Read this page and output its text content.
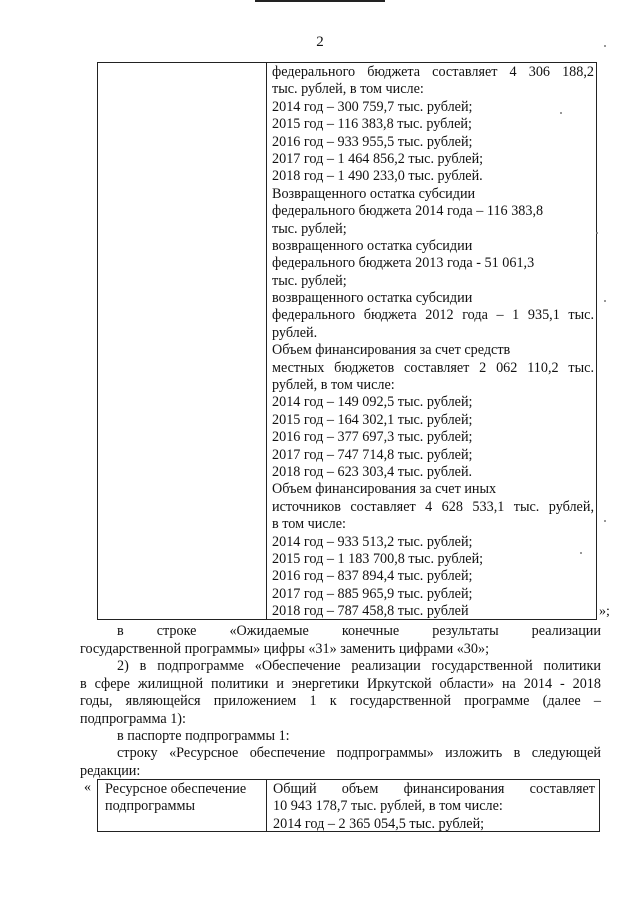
2
федерального бюджета составляет 4 306 188,2
тыс. рублей, в том числе:
2014 год – 300 759,7 тыс. рублей;
2015 год – 116 383,8 тыс. рублей;
2016 год – 933 955,5 тыс. рублей;
2017 год – 1 464 856,2 тыс. рублей;
2018 год – 1 490 233,0 тыс. рублей.
Возвращенного остатка субсидии
федерального бюджета 2014 года – 116 383,8
тыс. рублей;
возвращенного остатка субсидии
федерального бюджета 2013 года - 51 061,3
тыс. рублей;
возвращенного остатка субсидии
федерального бюджета 2012 года – 1 935,1 тыс.
рублей.
Объем финансирования за счет средств
местных бюджетов составляет 2 062 110,2 тыс.
рублей, в том числе:
2014 год – 149 092,5 тыс. рублей;
2015 год – 164 302,1 тыс. рублей;
2016 год – 377 697,3 тыс. рублей;
2017 год – 747 714,8 тыс. рублей;
2018 год – 623 303,4 тыс. рублей.
Объем финансирования за счет иных
источников составляет 4 628 533,1 тыс. рублей,
в том числе:
2014 год – 933 513,2 тыс. рублей;
2015 год – 1 183 700,8 тыс. рублей;
2016 год – 837 894,4 тыс. рублей;
2017 год – 885 965,9 тыс. рублей;
2018 год – 787 458,8 тыс. рублей	»;
в строке «Ожидаемые конечные результаты реализации
государственной программы» цифры «31» заменить цифрами «30»;
2) в подпрограмме «Обеспечение реализации государственной политики
в сфере жилищной политики и энергетики Иркутской области» на 2014 - 2018
годы, являющейся приложением 1 к государственной программе (далее –
подпрограмма 1):
в паспорте подпрограммы 1:
строку «Ресурсное обеспечение подпрограммы» изложить в следующей
редакции:
« Ресурсное обеспечение
подпрограммы
Общий объем финансирования составляет
10 943 178,7 тыс. рублей, в том числе:
2014 год – 2 365 054,5 тыс. рублей;
